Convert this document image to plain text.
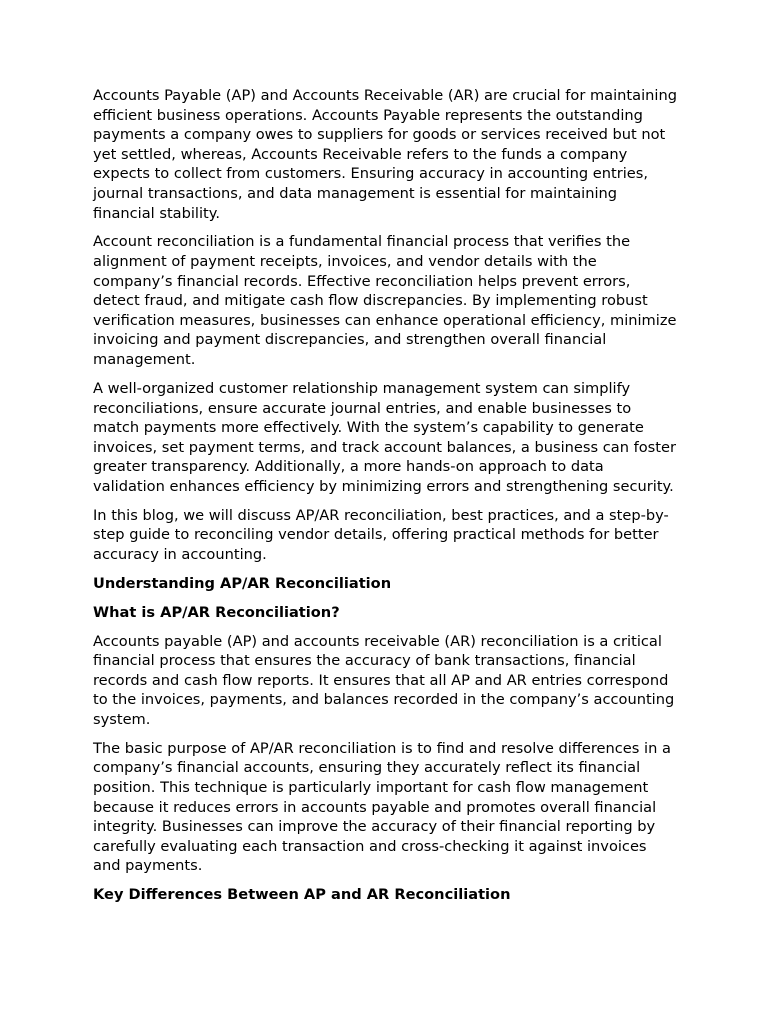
Accounts Payable (AP) and Accounts Receivable (AR) are crucial for maintaining efficient business operations. Accounts Payable represents the outstanding payments a company owes to suppliers for goods or services received but not yet settled, whereas, Accounts Receivable refers to the funds a company expects to collect from customers. Ensuring accuracy in accounting entries, journal transactions, and data management is essential for maintaining financial stability.

Account reconciliation is a fundamental financial process that verifies the alignment of payment receipts, invoices, and vendor details with the company’s financial records. Effective reconciliation helps prevent errors, detect fraud, and mitigate cash flow discrepancies. By implementing robust verification measures, businesses can enhance operational efficiency, minimize invoicing and payment discrepancies, and strengthen overall financial management.

A well-organized customer relationship management system can simplify reconciliations, ensure accurate journal entries, and enable businesses to match payments more effectively. With the system’s capability to generate invoices, set payment terms, and track account balances, a business can foster greater transparency. Additionally, a more hands-on approach to data validation enhances efficiency by minimizing errors and strengthening security.

In this blog, we will discuss AP/AR reconciliation, best practices, and a step-by-step guide to reconciling vendor details, offering practical methods for better accuracy in accounting.

Understanding AP/AR Reconciliation

What is AP/AR Reconciliation?

Accounts payable (AP) and accounts receivable (AR) reconciliation is a critical financial process that ensures the accuracy of bank transactions, financial records and cash flow reports. It ensures that all AP and AR entries correspond to the invoices, payments, and balances recorded in the company’s accounting system.

The basic purpose of AP/AR reconciliation is to find and resolve differences in a company’s financial accounts, ensuring they accurately reflect its financial position. This technique is particularly important for cash flow management because it reduces errors in accounts payable and promotes overall financial integrity. Businesses can improve the accuracy of their financial reporting by carefully evaluating each transaction and cross-checking it against invoices and payments.

Key Differences Between AP and AR Reconciliation
